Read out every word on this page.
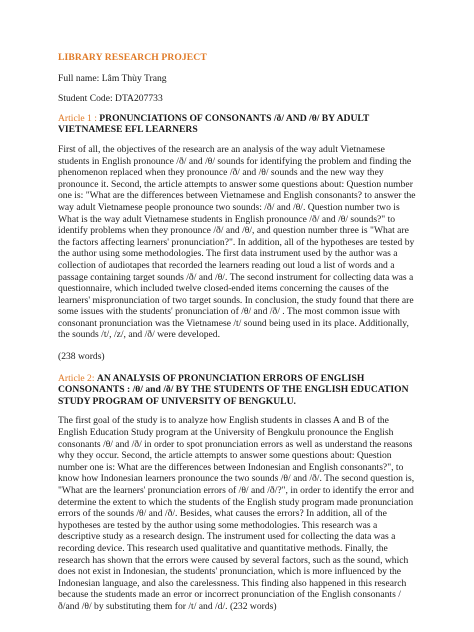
LIBRARY RESEARCH PROJECT

Full name: Lâm Thùy Trang

Student Code: DTA207733

Article 1 : PRONUNCIATIONS OF CONSONANTS /ð/ AND /θ/ BY ADULT VIETNAMESE EFL LEARNERS

First of all, the objectives of the research are an analysis of the way adult Vietnamese students in English pronounce /ð/ and /θ/ sounds for identifying the problem and finding the phenomenon replaced when they pronounce /ð/ and /θ/ sounds and the new way they pronounce it. Second, the article attempts to answer some questions about: Question number one is: "What are the differences between Vietnamese and English consonants? to answer the way adult Vietnamese people pronounce two sounds: /ð/ and /θ/. Question number two is What is the way adult Vietnamese students in English pronounce /ð/ and /θ/ sounds?" to identify problems when they pronounce /ð/ and /θ/, and question number three is "What are the factors affecting learners' pronunciation?". In addition, all of the hypotheses are tested by the author using some methodologies. The first data instrument used by the author was a collection of audiotapes that recorded the learners reading out loud a list of words and a passage containing target sounds /ð/ and /θ/. The second instrument for collecting data was a questionnaire, which included twelve closed-ended items concerning the causes of the learners' mispronunciation of two target sounds. In conclusion, the study found that there are some issues with the students' pronunciation of /θ/ and /ð/ . The most common issue with consonant pronunciation was the Vietnamese /t/ sound being used in its place. Additionally, the sounds /t/, /z/, and /ð/ were developed.

(238 words)

Article 2: AN ANALYSIS OF PRONUNCIATION ERRORS OF ENGLISH CONSONANTS : /θ/ and /ð/ BY THE STUDENTS OF THE ENGLISH EDUCATION STUDY PROGRAM OF UNIVERSITY OF BENGKULU.

The first goal of the study is to analyze how English students in classes A and B of the English Education Study program at the University of Bengkulu pronounce the English consonants /θ/ and /ð/ in order to spot pronunciation errors as well as understand the reasons why they occur. Second, the article attempts to answer some questions about: Question number one is: What are the differences between Indonesian and English consonants?", to know how Indonesian learners pronounce the two sounds /θ/ and /ð/. The second question is, "What are the learners' pronunciation errors of /θ/ and /ð/?", in order to identify the error and determine the extent to which the students of the English study program made pronunciation errors of the sounds /θ/ and /ð/. Besides, what causes the errors? In addition, all of the hypotheses are tested by the author using some methodologies. This research was a descriptive study as a research design. The instrument used for collecting the data was a recording device. This research used qualitative and quantitative methods. Finally, the research has shown that the errors were caused by several factors, such as the sound, which does not exist in Indonesian, the students' pronunciation, which is more influenced by the Indonesian language, and also the carelessness. This finding also happened in this research because the students made an error or incorrect pronunciation of the English consonants /ð/and /θ/ by substituting them for /t/ and /d/. (232 words)
